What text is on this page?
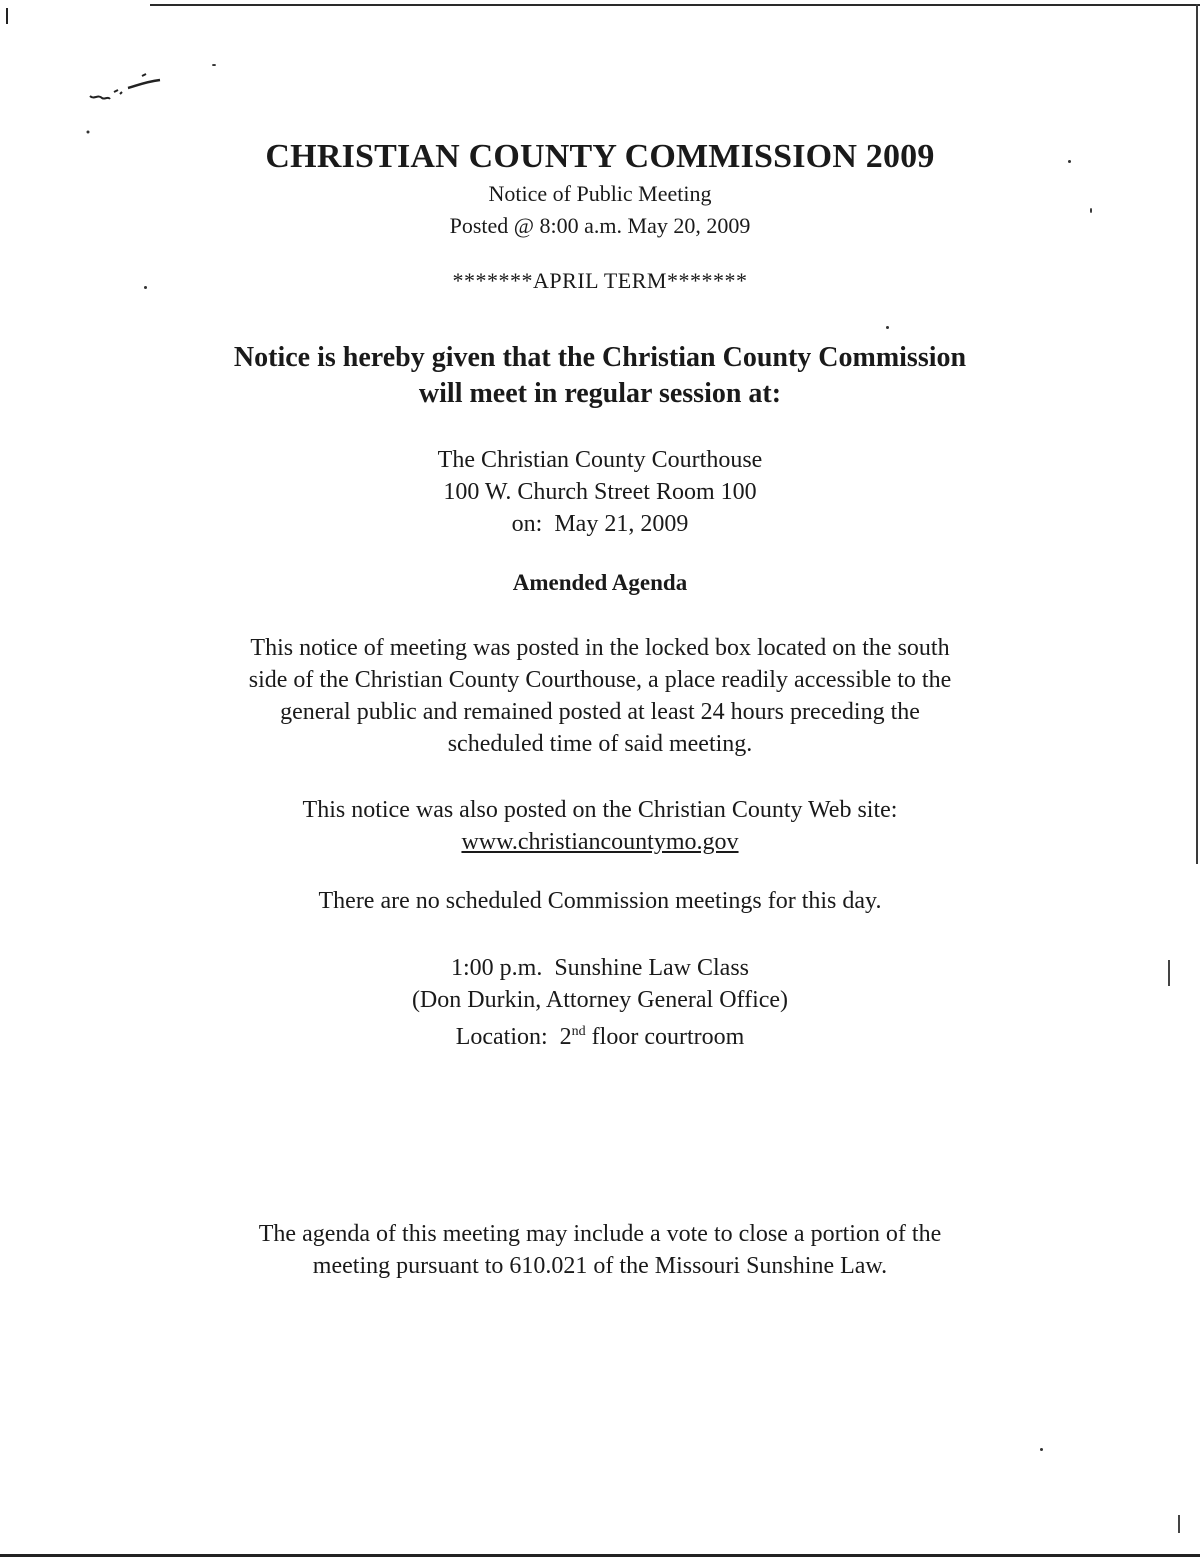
CHRISTIAN COUNTY COMMISSION 2009
Notice of Public Meeting
Posted @ 8:00 a.m. May 20, 2009
*******APRIL TERM*******
Notice is hereby given that the Christian County Commission
will meet in regular session at:
The Christian County Courthouse
100 W. Church Street Room 100
on:  May 21, 2009
Amended Agenda
This notice of meeting was posted in the locked box located on the south
side of the Christian County Courthouse, a place readily accessible to the
general public and remained posted at least 24 hours preceding the
scheduled time of said meeting.
This notice was also posted on the Christian County Web site:
www.christiancountymo.gov
There are no scheduled Commission meetings for this day.
1:00 p.m.  Sunshine Law Class
(Don Durkin, Attorney General Office)
Location:  2nd floor courtroom
The agenda of this meeting may include a vote to close a portion of the
meeting pursuant to 610.021 of the Missouri Sunshine Law.
